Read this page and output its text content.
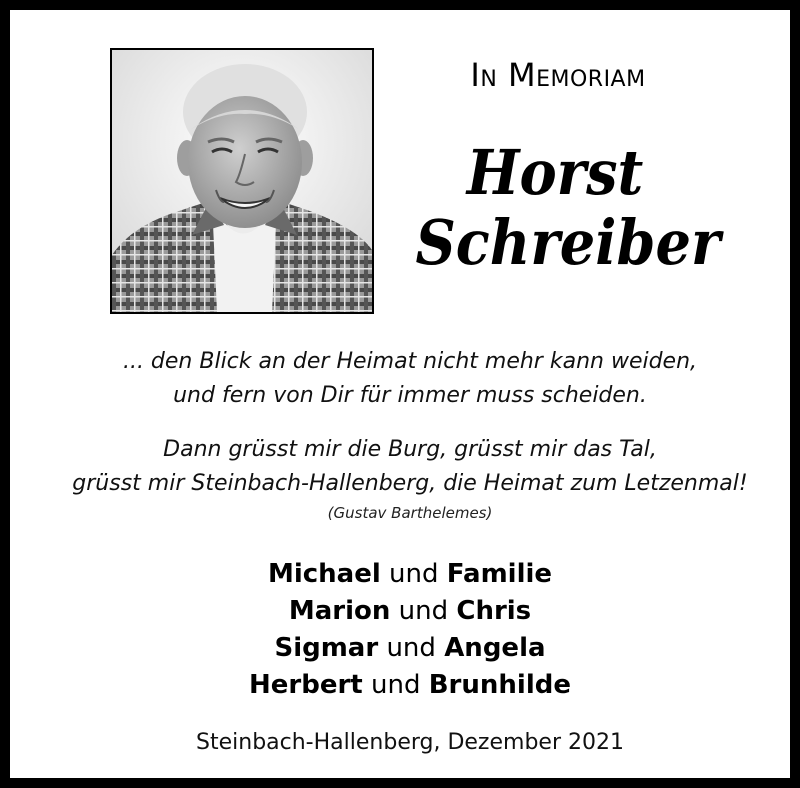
In Memoriam
Horst
Schreiber
... den Blick an der Heimat nicht mehr kann weiden,
und fern von Dir für immer muss scheiden.
Dann grüsst mir die Burg, grüsst mir das Tal,
grüsst mir Steinbach-Hallenberg, die Heimat zum Letzenmal!
(Gustav Barthelemes)
Michael und Familie
Marion und Chris
Sigmar und Angela
Herbert und Brunhilde
Steinbach-Hallenberg, Dezember 2021
